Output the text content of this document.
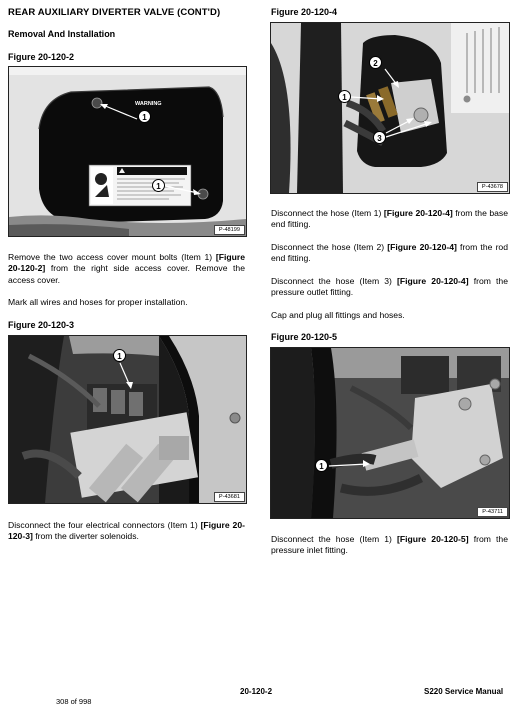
REAR AUXILIARY DIVERTER VALVE (CONT'D)
Removal And Installation
Figure 20-120-2
WARNING
1
1
P-48199
Remove the two access cover mount bolts (Item 1) [Figure 20-120-2] from the right side access cover. Remove the access cover.
Mark all wires and hoses for proper installation.
Figure 20-120-3
1
P-43681
Disconnect the four electrical connectors (Item 1) [Figure 20-120-3] from the diverter solenoids.
Figure 20-120-4
2
1
3
P-43678
Disconnect the hose (Item 1) [Figure 20-120-4] from the base end fitting.
Disconnect the hose (Item 2) [Figure 20-120-4] from the rod end fitting.
Disconnect the hose (Item 3) [Figure 20-120-4] from the pressure outlet fitting.
Cap and plug all fittings and hoses.
Figure 20-120-5
1
P-43711
Disconnect the hose (Item 1) [Figure 20-120-5] from the pressure inlet fitting.
308 of 998
20-120-2	S220 Service Manual
